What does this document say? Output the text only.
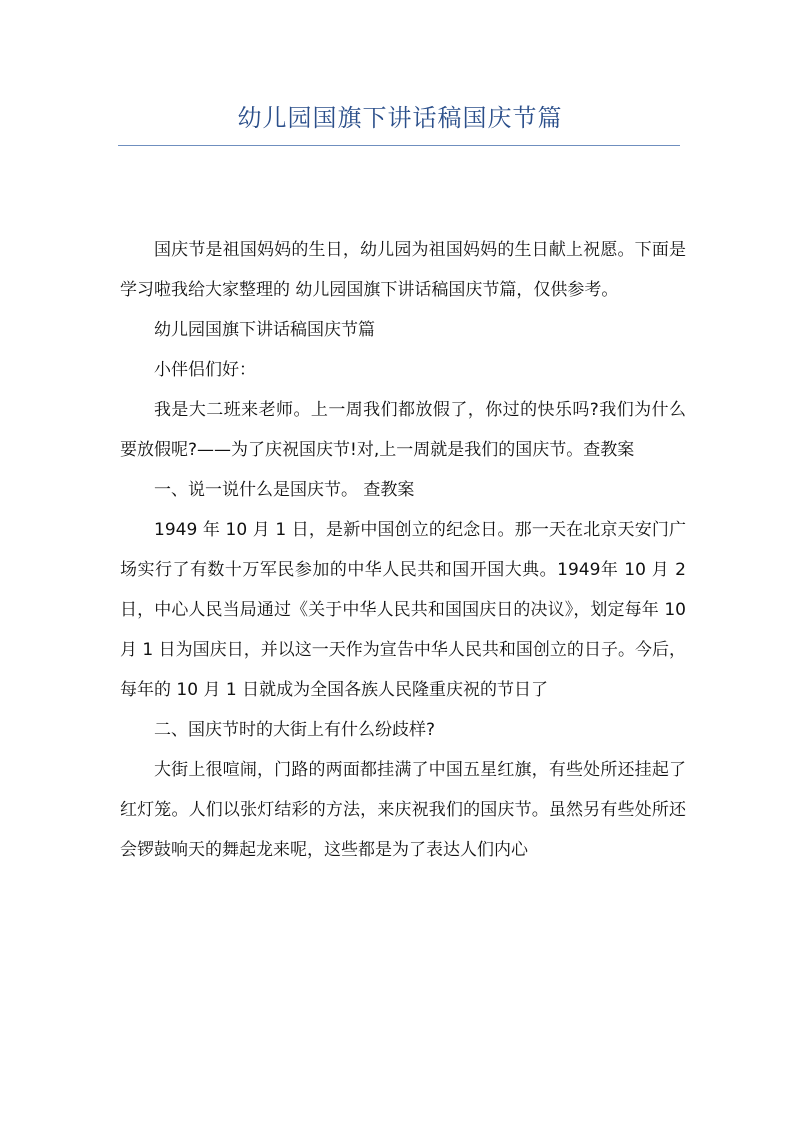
幼儿园国旗下讲话稿国庆节篇

国庆节是祖国妈妈的生日，幼儿园为祖国妈妈的生日献上祝愿。下面是学习啦我给大家整理的 幼儿园国旗下讲话稿国庆节篇，仅供参考。

幼儿园国旗下讲话稿国庆节篇

小伴侣们好：

我是大二班来老师。上一周我们都放假了，你过的快乐吗?我们为什么要放假呢?——为了庆祝国庆节!对,上一周就是我们的国庆节。查教案

一、说一说什么是国庆节。 查教案

1949 年 10 月 1 日，是新中国创立的纪念日。那一天在北京天安门广场实行了有数十万军民参加的中华人民共和国开国大典。1949年 10 月 2 日，中心人民当局通过《关于中华人民共和国国庆日的决议》，划定每年 10 月 1 日为国庆日，并以这一天作为宣告中华人民共和国创立的日子。今后，每年的 10 月 1 日就成为全国各族人民隆重庆祝的节日了

二、国庆节时的大街上有什么纷歧样?

大街上很喧闹，门路的两面都挂满了中国五星红旗，有些处所还挂起了红灯笼。人们以张灯结彩的方法，来庆祝我们的国庆节。虽然另有些处所还会锣鼓响天的舞起龙来呢，这些都是为了表达人们内心
